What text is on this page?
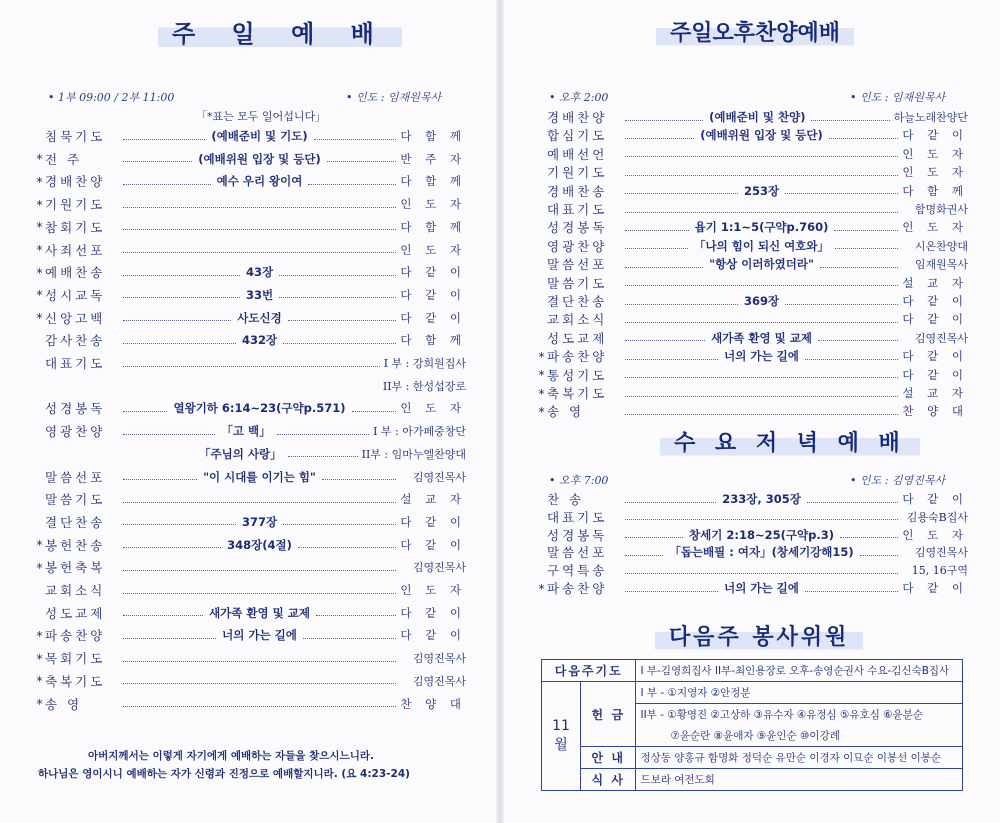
주 일 예 배
• 1부 09:00 / 2부 11:00	• 인도 : 임재원목사
「*표는 모두 일어섭니다」
침묵기도	(예배준비 및 기도)	다 함 께
* 전 주	(예배위원 입장 및 등단)	반 주 자
* 경배찬양	예수 우리 왕이여	다 함 께
* 기원기도	인 도 자
* 참회기도	다 함 께
* 사죄선포	인 도 자
* 예배찬송	43장	다 같 이
* 성시교독	33번	다 같 이
* 신앙고백	사도신경	다 같 이
감사찬송	432장	다 함 께
대표기도	I 부 : 강희원집사
II부 : 한성섭장로
성경봉독	열왕기하 6:14~23(구약p.571)	인 도 자
영광찬양	「고 백」	I 부 : 아가페중창단
「주님의 사랑」	II부 : 임마누엘찬양대
말씀선포	"이 시대를 이기는 힘"	김영진목사
말씀기도	설 교 자
결단찬송	377장	다 같 이
* 봉헌찬송	348장(4절)	다 같 이
* 봉헌축복	김영진목사
교회소식	인 도 자
성도교제	새가족 환영 및 교제	다 같 이
* 파송찬양	너의 가는 길에	다 같 이
* 목회기도	김영진목사
* 축복기도	김영진목사
* 송 영	찬 양 대
아버지께서는 이렇게 자기에게 예배하는 자들을 찾으시느니라.
하나님은 영이시니 예배하는 자가 신령과 진정으로 예배할지니라. (요 4:23-24)
주일오후찬양예배
• 오후 2:00	• 인도 : 임재원목사
경배찬양	(예배준비 및 찬양)	하늘노래찬양단
합심기도	(예배위원 입장 및 등단)	다 같 이
예배선언	인 도 자
기원기도	인 도 자
경배찬송	253장	다 함 께
대표기도	함명화권사
성경봉독	욥기 1:1~5(구약p.760)	인 도 자
영광찬양	「나의 힘이 되신 여호와」	시온찬양대
말씀선포	"항상 이러하였더라"	임재원목사
말씀기도	설 교 자
결단찬송	369장	다 같 이
교회소식	다 같 이
성도교제	새가족 환영 및 교제	김영진목사
* 파송찬양	너의 가는 길에	다 같 이
* 통성기도	다 같 이
* 축복기도	설 교 자
* 송 영	찬 양 대
수 요 저 녁 예 배
• 오후 7:00	• 인도 : 김영진목사
찬 송	233장, 305장	다 같 이
대표기도	김용숙B집사
성경봉독	창세기 2:18~25(구약p.3)	인 도 자
말씀선포	「돕는배필 : 여자」(창세기강해15)	김영진목사
구역특송	15, 16구역
* 파송찬양	너의 가는 길에	다 같 이
다음주 봉사위원
다음주기도		I 부-김영희집사 II부-최인용장로 오후-송영순권사 수요-김신숙B집사
11월	헌 금	I 부 - ①지영자 ②안정분
		II부 - ①황영진 ②고상하 ③유수자 ④유정심 ⑤유호심 ⑥윤분순
		⑦윤순란 ⑧윤애자 ⑨윤인순 ⑩이강례
	안 내	정상동 양홍규 함명화 정덕순 유만순 이경자 이묘순 이봉선 이봉순
	식 사	드보라 여전도회
